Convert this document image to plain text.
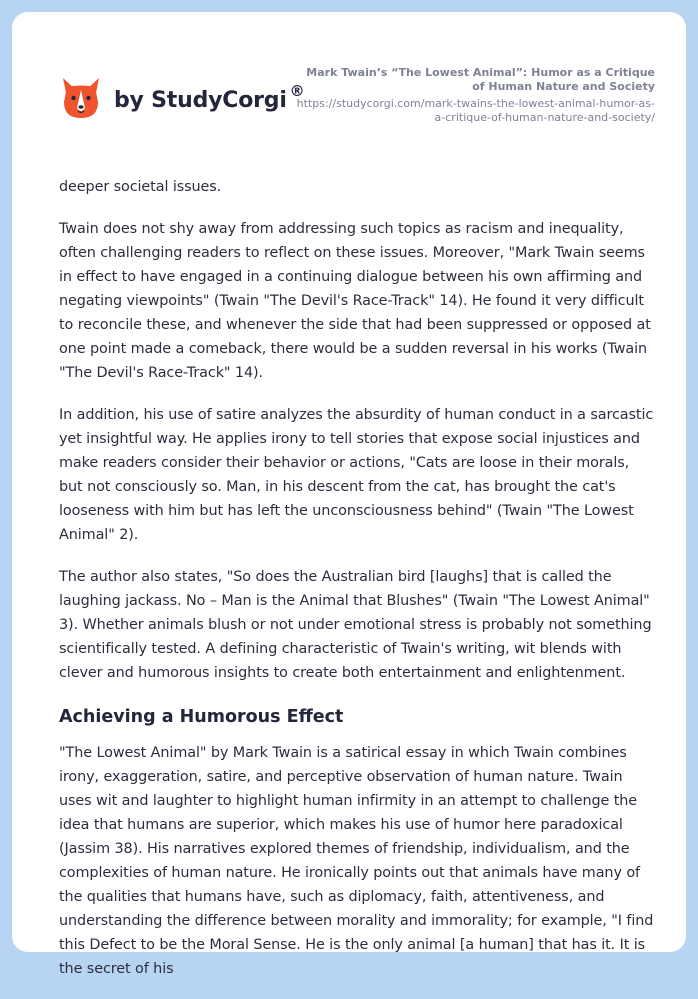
by StudyCorgi ®
Mark Twain’s “The Lowest Animal”: Humor as a Critique of Human Nature and Society
https://studycorgi.com/mark-twains-the-lowest-animal-humor-as-a-critique-of-human-nature-and-society/

deeper societal issues.

Twain does not shy away from addressing such topics as racism and inequality, often challenging readers to reflect on these issues. Moreover, "Mark Twain seems in effect to have engaged in a continuing dialogue between his own affirming and negating viewpoints" (Twain "The Devil's Race-Track" 14). He found it very difficult to reconcile these, and whenever the side that had been suppressed or opposed at one point made a comeback, there would be a sudden reversal in his works (Twain "The Devil's Race-Track" 14).

In addition, his use of satire analyzes the absurdity of human conduct in a sarcastic yet insightful way. He applies irony to tell stories that expose social injustices and make readers consider their behavior or actions, "Cats are loose in their morals, but not consciously so. Man, in his descent from the cat, has brought the cat's looseness with him but has left the unconsciousness behind" (Twain "The Lowest Animal" 2).

The author also states, "So does the Australian bird [laughs] that is called the laughing jackass. No – Man is the Animal that Blushes" (Twain "The Lowest Animal" 3). Whether animals blush or not under emotional stress is probably not something scientifically tested. A defining characteristic of Twain's writing, wit blends with clever and humorous insights to create both entertainment and enlightenment.

Achieving a Humorous Effect

"The Lowest Animal" by Mark Twain is a satirical essay in which Twain combines irony, exaggeration, satire, and perceptive observation of human nature. Twain uses wit and laughter to highlight human infirmity in an attempt to challenge the idea that humans are superior, which makes his use of humor here paradoxical (Jassim 38). His narratives explored themes of friendship, individualism, and the complexities of human nature. He ironically points out that animals have many of the qualities that humans have, such as diplomacy, faith, attentiveness, and understanding the difference between morality and immorality; for example, "I find this Defect to be the Moral Sense. He is the only animal [a human] that has it. It is the secret of his
